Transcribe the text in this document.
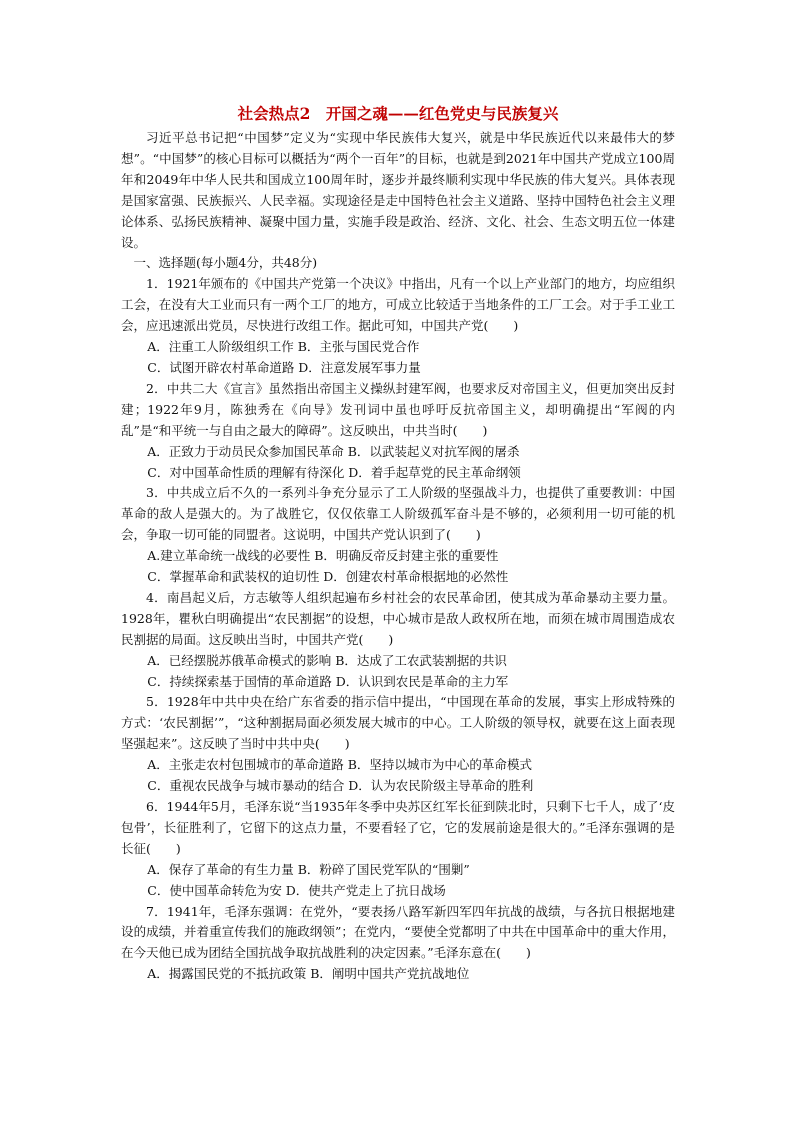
社会热点2　开国之魂——红色党史与民族复兴

习近平总书记把“中国梦”定义为“实现中华民族伟大复兴，就是中华民族近代以来最伟大的梦想”。“中国梦”的核心目标可以概括为“两个一百年”的目标，也就是到2021年中国共产党成立100周年和2049年中华人民共和国成立100周年时，逐步并最终顺利实现中华民族的伟大复兴。具体表现是国家富强、民族振兴、人民幸福。实现途径是走中国特色社会主义道路、坚持中国特色社会主义理论体系、弘扬民族精神、凝聚中国力量，实施手段是政治、经济、文化、社会、生态文明五位一体建设。

一、选择题(每小题4分，共48分)

1．1921年颁布的《中国共产党第一个决议》中指出，凡有一个以上产业部门的地方，均应组织工会，在没有大工业而只有一两个工厂的地方，可成立比较适于当地条件的工厂工会。对于手工业工会，应迅速派出党员，尽快进行改组工作。据此可知，中国共产党(　　)

A．注重工人阶级组织工作 B．主张与国民党合作

C．试图开辟农村革命道路 D．注意发展军事力量

2．中共二大《宣言》虽然指出帝国主义操纵封建军阀，也要求反对帝国主义，但更加突出反封建；1922年9月，陈独秀在《向导》发刊词中虽也呼吁反抗帝国主义，却明确提出“军阀的内乱”是“和平统一与自由之最大的障碍”。这反映出，中共当时(　　)

A．正致力于动员民众参加国民革命 B．以武装起义对抗军阀的屠杀

C．对中国革命性质的理解有待深化 D．着手起草党的民主革命纲领

3．中共成立后不久的一系列斗争充分显示了工人阶级的坚强战斗力，也提供了重要教训：中国革命的敌人是强大的。为了战胜它，仅仅依靠工人阶级孤军奋斗是不够的，必须利用一切可能的机会，争取一切可能的同盟者。这说明，中国共产党认识到了(　　)

A.建立革命统一战线的必要性 B．明确反帝反封建主张的重要性

C．掌握革命和武装权的迫切性 D．创建农村革命根据地的必然性

4．南昌起义后，方志敏等人组织起遍布乡村社会的农民革命团，使其成为革命暴动主要力量。1928年，瞿秋白明确提出“农民割据”的设想，中心城市是敌人政权所在地，而须在城市周围造成农民割据的局面。这反映出当时，中国共产党(　　)

A．已经摆脱苏俄革命模式的影响 B．达成了工农武装割据的共识

C．持续探索基于国情的革命道路 D．认识到农民是革命的主力军

5．1928年中共中央在给广东省委的指示信中提出，“中国现在革命的发展，事实上形成特殊的方式：‘农民割据’”，“这种割据局面必须发展大城市的中心。工人阶级的领导权，就要在这上面表现坚强起来”。这反映了当时中共中央(　　)

A．主张走农村包围城市的革命道路 B．坚持以城市为中心的革命模式

C．重视农民战争与城市暴动的结合 D．认为农民阶级主导革命的胜利

6．1944年5月，毛泽东说“当1935年冬季中央苏区红军长征到陕北时，只剩下七千人，成了‘皮包骨’，长征胜利了，它留下的这点力量，不要看轻了它，它的发展前途是很大的。”毛泽东强调的是长征(　　)

A．保存了革命的有生力量 B．粉碎了国民党军队的“围剿”

C．使中国革命转危为安 D．使共产党走上了抗日战场

7．1941年，毛泽东强调：在党外，“要表扬八路军新四军四年抗战的战绩，与各抗日根据地建设的成绩，并着重宣传我们的施政纲领”；在党内，“要使全党都明了中共在中国革命中的重大作用，在今天他已成为团结全国抗战争取抗战胜利的决定因素。”毛泽东意在(　　)

A．揭露国民党的不抵抗政策 B．阐明中国共产党抗战地位
